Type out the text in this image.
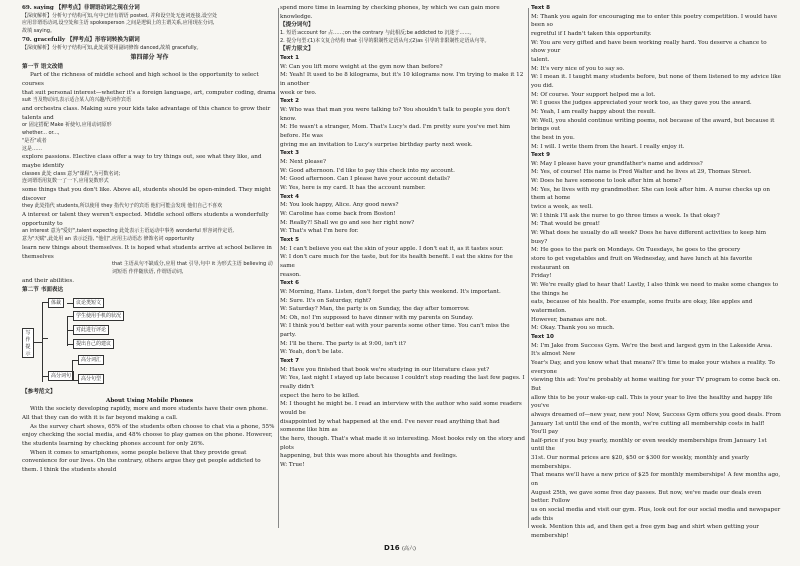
69. saying 【押考点】非谓语动词之现在分词
【深度解析】分析句子结构可知,句中已经有谓语 posted, 并和设空处无连词连接,设空处
应用非谓语动词,设空处和主语 spokesperson 之间是逻辑上的主谓关系,应用现在分词,
故填 saying。
70. gracefully 【押考点】形容词转换为副词
【深度解析】分析句子结构可知,此处需要用副词修饰 danced,故填 gracefully。
第四部分 写作
第一节 语文改错
Part of the richness of middle school and high school is the opportunity to select courses
that suit personal interest—whether it's a foreign language, art, computer coding, drama
suit 当及物动词,表示适合某人的兴趣/代词作宾语
and orchestra class. Making sure your kids take advantage of this chance to grow their talents and
or 固定搭配 Make 祈使句,应用动词原形
whether... or...,
"是否"或者
这是……
explore passions. Elective class offer a way to try things out, see what they like, and maybe identify
classes 此处 class 意为"课程",为可数名词;
连词谓语用复数一了一下,应用复数形式
some things that you don't like. Above all, students should be open-minded. They might discover
they 此处指代 students,所以使用 they 指代句子的宾语 他们可能会发现 他们自己不喜欢
A interest or talent they weren't expected. Middle school offers students a wonderfully opportunity to
an interest 意为"爱好",talent expecting 此处表示主语运动中事务 wonderful 形容词作定语,
意为"天赋",此处用 an 表示泛指, "他们",应用主动语态 修饰名词 opportunity
learn new things about themselves. It is hoped what students arrive at school believe in themselves
that 主语从句不缺成分,应用 that 引导,句中 it 为形式主语 believing 动词短语 作伴随状语, 作谓语动词,
and their abilities.
第二节 书面表达
写作提示
体裁	议论类短文
学生使用手机的状况
对此进行评论
提出自己的建议
高分词句
高分词汇
高分句型
【参考范文】
About Using Mobile Phones

With the society developing rapidly, more and more students have their own phone. All that they can do with it is far beyond making a call.

As the survey chart shows, 65% of the students often choose to chat via a phone, 55% enjoy checking the social media, and 48% choose to play games on the phone. However, the students learning by checking phones account for only 26%.

When it comes to smartphones, some people believe that they provide great convenience for our lives. On the contrary, others argue they get people addicted to them. I think the students should

spend more time in learning by checking phones, by which we can gain more knowledge.
【提分词句】
1. 短语:account for 占……;on the contrary 与此相反;be addicted to 沉迷于……。
2. 提分句型:(1)本文复合结构 that 引导的限制性定语从句;(2)as 引导的非限制性定语从句等。
【听力原文】
Text 1
W: Can you lift more weight at the gym now than before?
M: Yeah! It used to be 8 kilograms, but it's 10 kilograms now. I'm trying to make it 12 in another
week or two.
Text 2
W: Who was that man you were talking to? You shouldn't talk to people you don't know.
M: He wasn't a stranger, Mom. That's Lucy's dad. I'm pretty sure you've met him before. He was
giving me an invitation to Lucy's surprise birthday party next week.
Text 3
M: Next please?
W: Good afternoon. I'd like to pay this check into my account.
M: Good afternoon. Can I please have your account details?
W: Yes, here is my card. It has the account number.
Text 4
M: You look happy, Alice. Any good news?
W: Caroline has come back from Boston!
M: Really?! Shall we go and see her right now?
W: That's what I'm here for.
Text 5
M: I can't believe you eat the skin of your apple. I don't eat it, as it tastes sour.
W: I don't care much for the taste, but for its health benefit. I eat the skins for the same
reason.
Text 6
W: Morning, Hans. Listen, don't forget the party this weekend. It's important.
M: Sure. It's on Saturday, right?
W: Saturday? Man, the party is on Sunday, the day after tomorrow.
M: Oh, no! I'm supposed to have dinner with my parents on Sunday.
W: I think you'd better eat with your parents some other time. You can't miss the party.
M: I'll be there. The party is at 9:00, isn't it?
W: Yeah, don't be late.
Text 7
M: Have you finished that book we're studying in our literature class yet?
W: Yes, last night I stayed up late because I couldn't stop reading the last few pages. I really didn't
expect the hero to be killed.
M: I thought he might be. I read an interview with the author who said some readers would be
disappointed by what happened at the end. I've never read anything that had someone like him as
the hero, though. That's what made it so interesting. Most books rely on the story and plots
happening, but this was more about his thoughts and feelings.
W: True!
Text 8
M: Thank you again for encouraging me to enter this poetry competition. I would have been so
regretful if I hadn't taken this opportunity.
W: You are very gifted and have been working really hard. You deserve a chance to show your
talent.
M: It's very nice of you to say so.
W: I mean it. I taught many students before, but none of them listened to my advice like you did.
M: Of course. Your support helped me a lot.
W: I guess the judges appreciated your work too, as they gave you the award.
M: Yeah, I am really happy about the result.
W: Well, you should continue writing poems, not because of the award, but because it brings out
the best in you.
M: I will. I write them from the heart. I really enjoy it.
Text 9
W: May I please have your grandfather's name and address?
M: Yes, of course! His name is Fred Walter and he lives at 29, Thomas Street.
W: Does he have someone to look after him at home?
M: Yes, he lives with my grandmother. She can look after him. A nurse checks up on them at home
twice a week, as well.
W: I think I'll ask the nurse to go three times a week. Is that okay?
M: That would be great!
W: What does he usually do all week? Does he have different activities to keep him busy?
M: He goes to the park on Mondays. On Tuesdays, he goes to the grocery
store to get vegetables and fruit on Wednesday, and have lunch at his favorite restaurant on
Friday!
W: We're really glad to hear that! Lastly, I also think we need to make some changes to the things he
eats, because of his health. For example, some fruits are okay, like apples and watermelon.
However, bananas are not.
M: Okay. Thank you so much.
Text 10
M: I'm Jake from Success Gym. We're the best and largest gym in the Lakeside Area. It's almost New
Year's Day, and you know what that means? It's time to make your wishes a reality. To everyone
viewing this ad: You're probably at home waiting for your TV program to come back on. But
allow this to be your wake-up call. This is your year to live the healthy and happy life you've
always dreamed of—new year, new you! Now, Success Gym offers you good deals. From
January 1st until the end of the month, we're cutting all membership costs in half! You'll pay
half-price if you buy yearly, monthly or even weekly memberships from January 1st until the
31st. Our normal prices are $20, $50 or $300 for weekly, monthly and yearly memberships.
That means we'll have a new price of $25 for monthly memberships! A few months ago, on
August 25th, we gave some free day passes. But now, we've made our deals even better. Follow
us on social media and visit our gym. Plus, look out for our social media and newspaper ads this
week. Mention this ad, and then get a free gym bag and shirt when getting your membership!
D16 (高六)
